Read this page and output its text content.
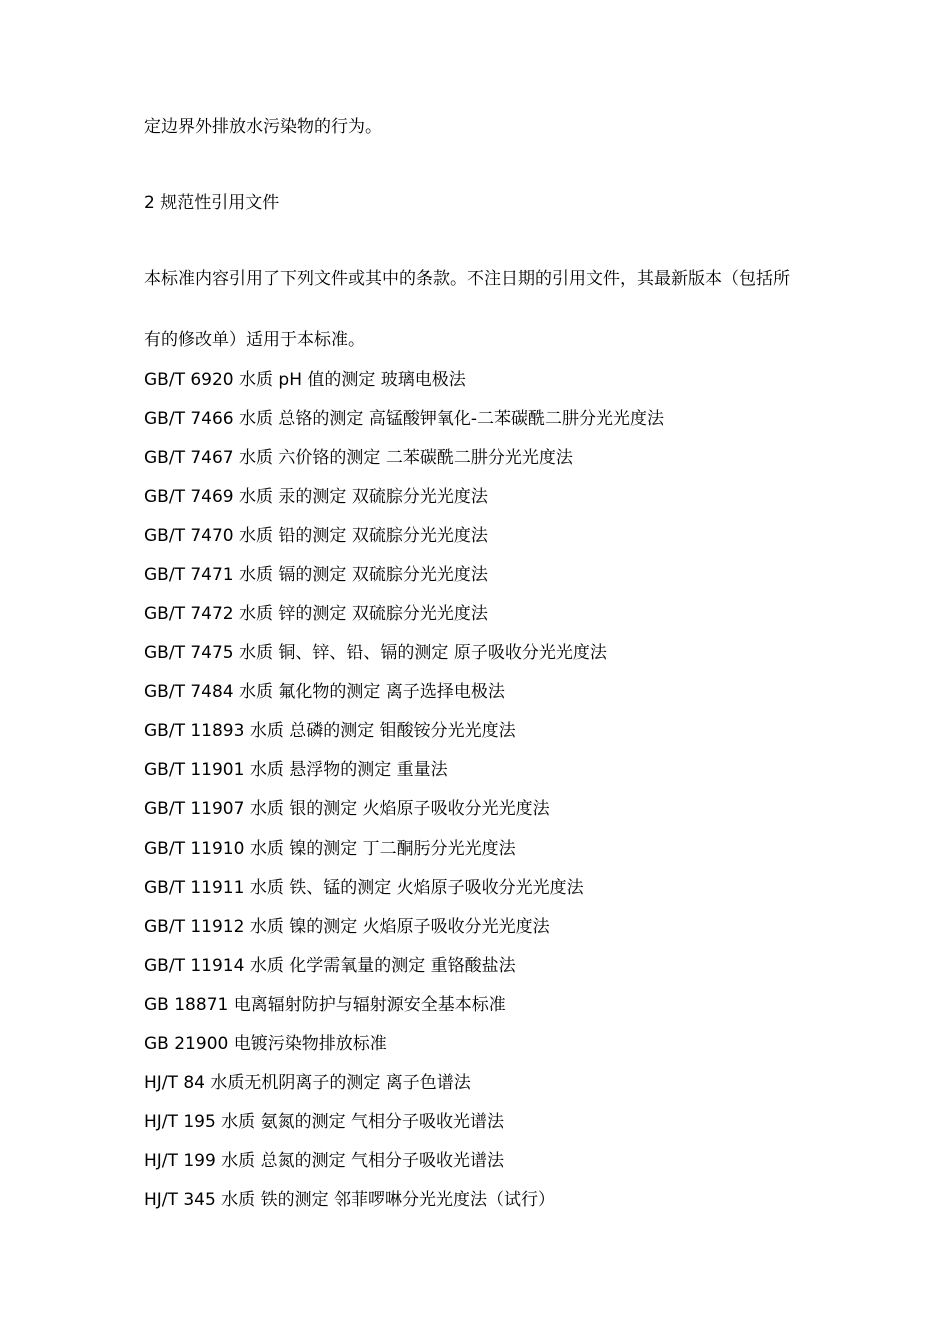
定边界外排放水污染物的行为。
2 规范性引用文件
本标准内容引用了下列文件或其中的条款。不注日期的引用文件，其最新版本（包括所
有的修改单）适用于本标准。
GB/T 6920 水质 pH 值的测定 玻璃电极法
GB/T 7466 水质 总铬的测定 高锰酸钾氧化-二苯碳酰二肼分光光度法
GB/T 7467 水质 六价铬的测定 二苯碳酰二肼分光光度法
GB/T 7469 水质 汞的测定 双硫腙分光光度法
GB/T 7470 水质 铅的测定 双硫腙分光光度法
GB/T 7471 水质 镉的测定 双硫腙分光光度法
GB/T 7472 水质 锌的测定 双硫腙分光光度法
GB/T 7475 水质 铜、锌、铅、镉的测定 原子吸收分光光度法
GB/T 7484 水质 氟化物的测定 离子选择电极法
GB/T 11893 水质 总磷的测定 钼酸铵分光光度法
GB/T 11901 水质 悬浮物的测定 重量法
GB/T 11907 水质 银的测定 火焰原子吸收分光光度法
GB/T 11910 水质 镍的测定 丁二酮肟分光光度法
GB/T 11911 水质 铁、锰的测定 火焰原子吸收分光光度法
GB/T 11912 水质 镍的测定 火焰原子吸收分光光度法
GB/T 11914 水质 化学需氧量的测定 重铬酸盐法
GB 18871 电离辐射防护与辐射源安全基本标准
GB 21900 电镀污染物排放标准
HJ/T 84 水质无机阴离子的测定 离子色谱法
HJ/T 195 水质 氨氮的测定 气相分子吸收光谱法
HJ/T 199 水质 总氮的测定 气相分子吸收光谱法
HJ/T 345 水质 铁的测定 邻菲啰啉分光光度法（试行）
